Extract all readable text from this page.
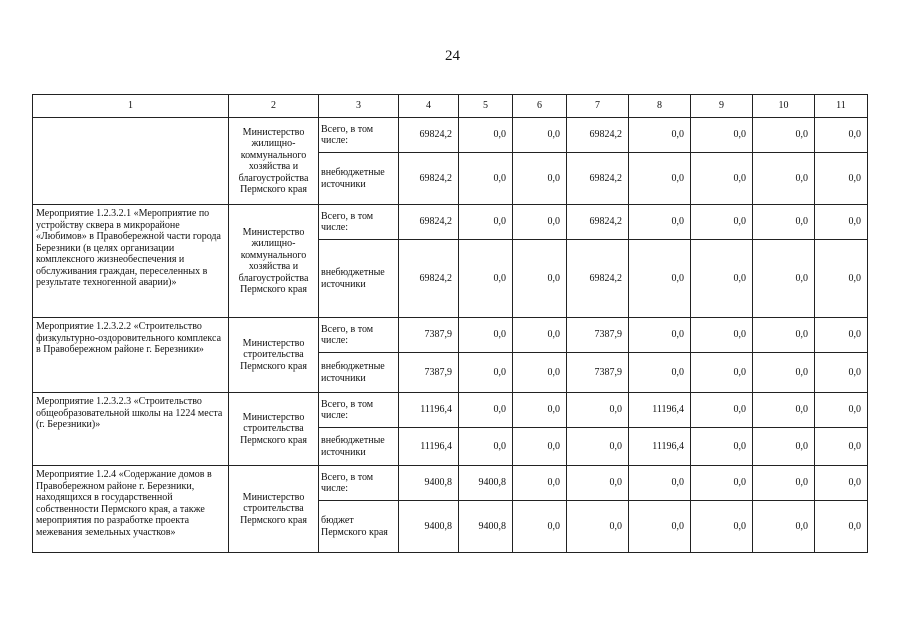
24
1	2	3	4	5	6	7	8	9	10	11
	Министерство жилищно-коммунального хозяйства и благоустройства Пермского края	Всего, в том числе:	69824,2	0,0	0,0	69824,2	0,0	0,0	0,0	0,0
		внебюджетные источники	69824,2	0,0	0,0	69824,2	0,0	0,0	0,0	0,0
Мероприятие 1.2.3.2.1 «Мероприятие по устройству сквера в микрорайоне «Любимов» в Правобережной части города Березники (в целях организации комплексного жизнеобеспечения и обслуживания граждан, переселенных в результате техногенной аварии)»	Министерство жилищно-коммунального хозяйства и благоустройства Пермского края	Всего, в том числе:	69824,2	0,0	0,0	69824,2	0,0	0,0	0,0	0,0
		внебюджетные источники	69824,2	0,0	0,0	69824,2	0,0	0,0	0,0	0,0
Мероприятие 1.2.3.2.2 «Строительство физкультурно-оздоровительного комплекса в Правобережном районе г. Березники»	Министерство строительства Пермского края	Всего, в том числе:	7387,9	0,0	0,0	7387,9	0,0	0,0	0,0	0,0
		внебюджетные источники	7387,9	0,0	0,0	7387,9	0,0	0,0	0,0	0,0
Мероприятие 1.2.3.2.3 «Строительство общеобразовательной школы на 1224 места (г. Березники)»	Министерство строительства Пермского края	Всего, в том числе:	11196,4	0,0	0,0	0,0	11196,4	0,0	0,0	0,0
		внебюджетные источники	11196,4	0,0	0,0	0,0	11196,4	0,0	0,0	0,0
Мероприятие 1.2.4 «Содержание домов в Правобережном районе г. Березники, находящихся в государственной собственности Пермского края, а также мероприятия по разработке проекта межевания земельных участков»	Министерство строительства Пермского края	Всего, в том числе:	9400,8	9400,8	0,0	0,0	0,0	0,0	0,0	0,0
		бюджет Пермского края	9400,8	9400,8	0,0	0,0	0,0	0,0	0,0	0,0
